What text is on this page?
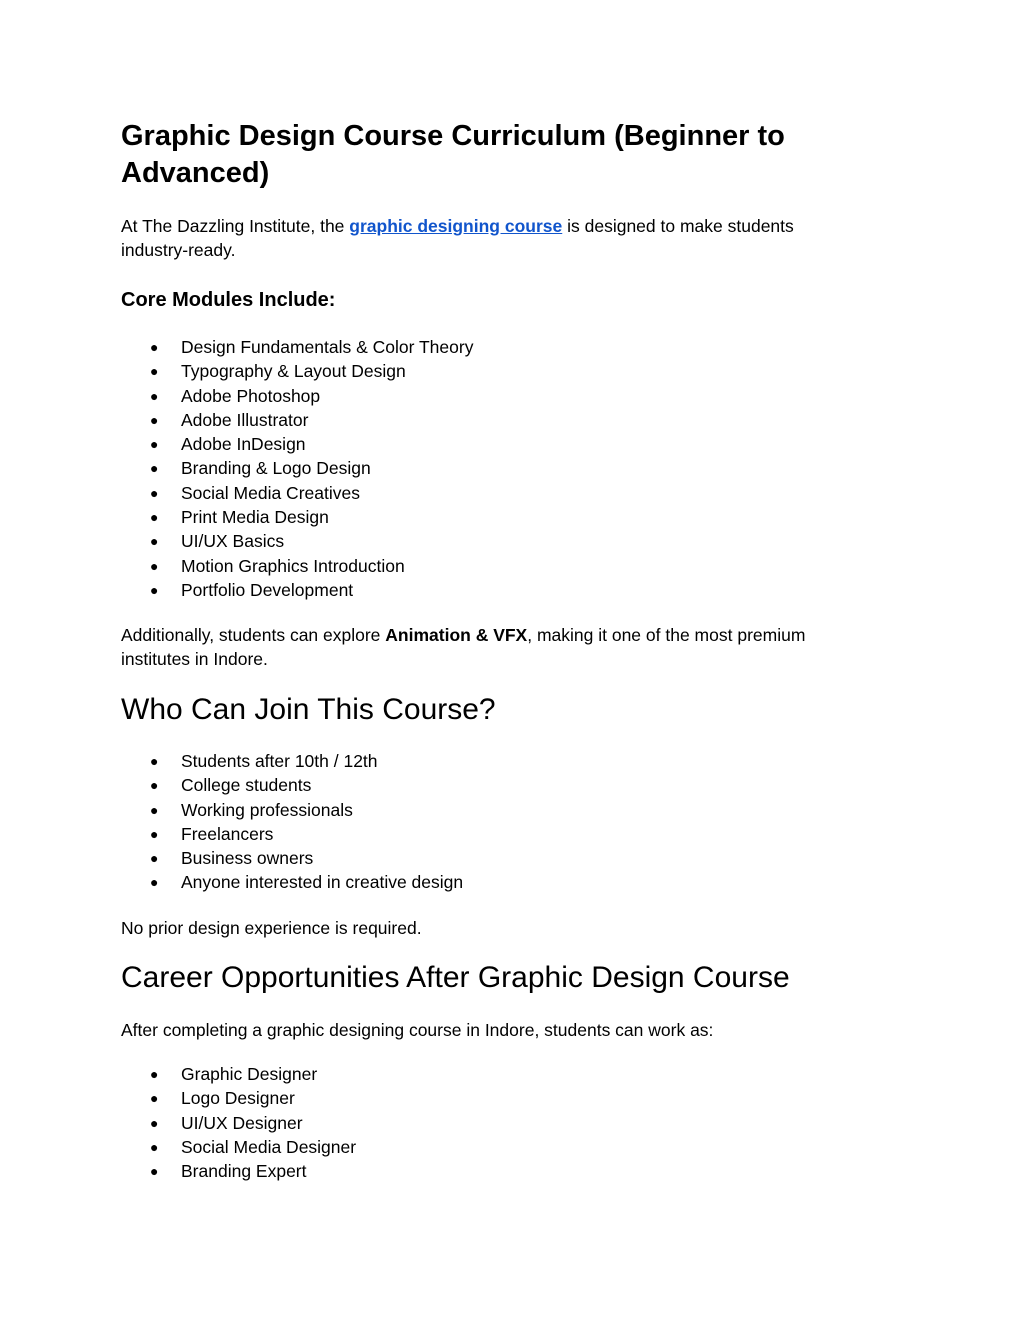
Graphic Design Course Curriculum (Beginner to
Advanced)

At The Dazzling Institute, the graphic designing course is designed to make students
industry-ready.

Core Modules Include:
● Design Fundamentals & Color Theory
● Typography & Layout Design
● Adobe Photoshop
● Adobe Illustrator
● Adobe InDesign
● Branding & Logo Design
● Social Media Creatives
● Print Media Design
● UI/UX Basics
● Motion Graphics Introduction
● Portfolio Development

Additionally, students can explore Animation & VFX, making it one of the most premium
institutes in Indore.

Who Can Join This Course?
● Students after 10th / 12th
● College students
● Working professionals
● Freelancers
● Business owners
● Anyone interested in creative design

No prior design experience is required.

Career Opportunities After Graphic Design Course

After completing a graphic designing course in Indore, students can work as:

● Graphic Designer
● Logo Designer
● UI/UX Designer
● Social Media Designer
● Branding Expert
